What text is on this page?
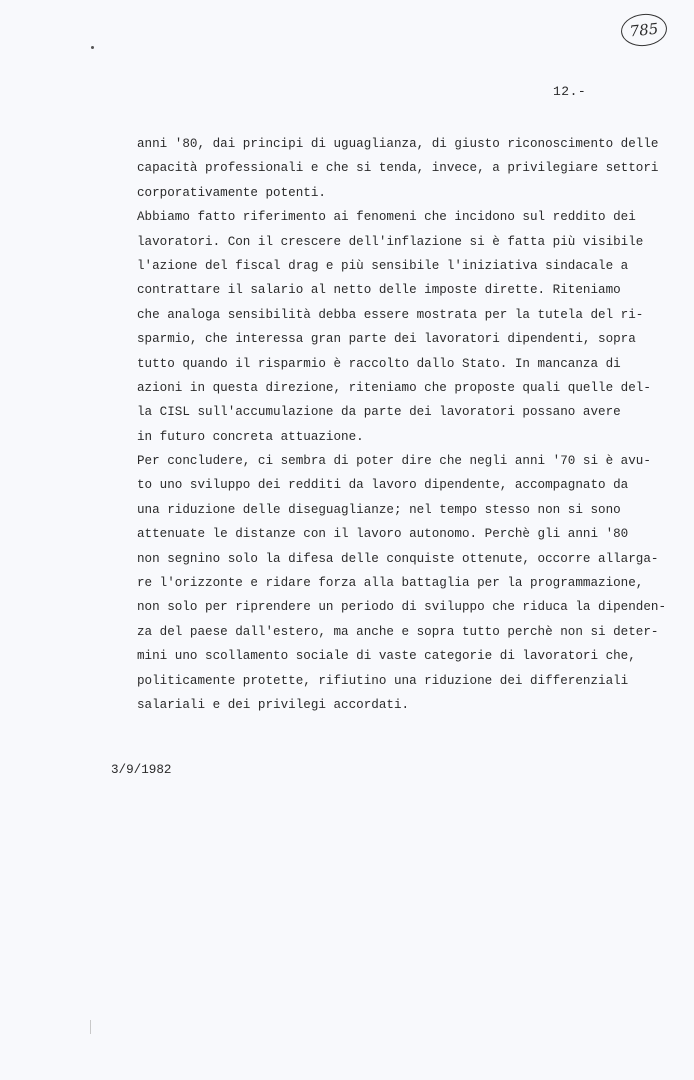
785
12.-
anni '80, dai principi di uguaglianza, di giusto riconoscimento delle
capacità professionali e che si tenda, invece, a privilegiare settori
corporativamente potenti.
Abbiamo fatto riferimento ai fenomeni che incidono sul reddito dei
lavoratori. Con il crescere dell'inflazione si è fatta più visibile
l'azione del fiscal drag e più sensibile l'iniziativa sindacale a
contrattare il salario al netto delle imposte dirette. Riteniamo
che analoga sensibilità debba essere mostrata per la tutela del ri-
sparmio, che interessa gran parte dei lavoratori dipendenti, sopra
tutto quando il risparmio è raccolto dallo Stato. In mancanza di
azioni in questa direzione, riteniamo che proposte quali quelle del-
la CISL sull'accumulazione da parte dei lavoratori possano avere
in futuro concreta attuazione.
Per concludere, ci sembra di poter dire che negli anni '70 si è avu-
to uno sviluppo dei redditi da lavoro dipendente, accompagnato da
una riduzione delle diseguaglianze; nel tempo stesso non si sono
attenuate le distanze con il lavoro autonomo. Perchè gli anni '80
non segnino solo la difesa delle conquiste ottenute, occorre allarga-
re l'orizzonte e ridare forza alla battaglia per la programmazione,
non solo per riprendere un periodo di sviluppo che riduca la dipenden-
za del paese dall'estero, ma anche e sopra tutto perchè non si deter-
mini uno scollamento sociale di vaste categorie di lavoratori che,
politicamente protette, rifiutino una riduzione dei differenziali
salariali e dei privilegi accordati.
3/9/1982
